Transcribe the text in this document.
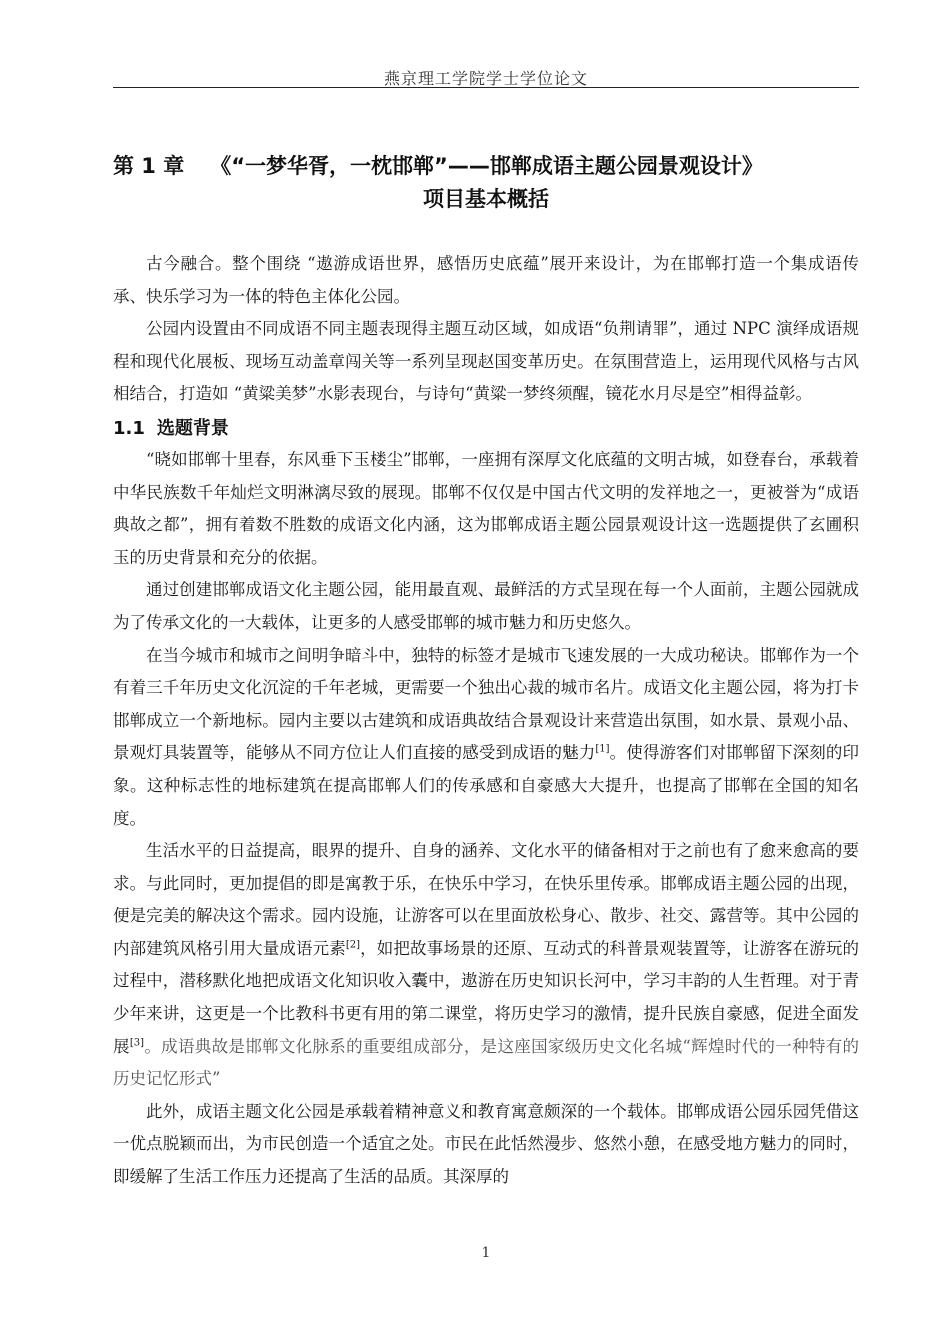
燕京理工学院学士学位论文
第 1 章 《“一梦华胥，一枕邯郸”——邯郸成语主题公园景观设计》
项目基本概括

古今融合。整个围绕 “遨游成语世界，感悟历史底蕴”展开来设计，为在邯郸打造一个集成语传承、快乐学习为一体的特色主体化公园。

公园内设置由不同成语不同主题表现得主题互动区域，如成语“负荆请罪”，通过 NPC 演绎成语规程和现代化展板、现场互动盖章闯关等一系列呈现赵国变革历史。在氛围营造上，运用现代风格与古风相结合，打造如 “黄粱美梦”水影表现台，与诗句“黄粱一梦终须醒，镜花水月尽是空”相得益彰。

1.1 选题背景

“晓如邯郸十里春，东风垂下玉楼尘”邯郸，一座拥有深厚文化底蕴的文明古城，如登春台，承载着中华民族数千年灿烂文明淋漓尽致的展现。邯郸不仅仅是中国古代文明的发祥地之一，更被誉为“成语典故之都”，拥有着数不胜数的成语文化内涵，这为邯郸成语主题公园景观设计这一选题提供了玄圃积玉的历史背景和充分的依据。

通过创建邯郸成语文化主题公园，能用最直观、最鲜活的方式呈现在每一个人面前，主题公园就成为了传承文化的一大载体，让更多的人感受邯郸的城市魅力和历史悠久。

在当今城市和城市之间明争暗斗中，独特的标签才是城市飞速发展的一大成功秘诀。邯郸作为一个有着三千年历史文化沉淀的千年老城，更需要一个独出心裁的城市名片。成语文化主题公园，将为打卡邯郸成立一个新地标。园内主要以古建筑和成语典故结合景观设计来营造出氛围，如水景、景观小品、景观灯具装置等，能够从不同方位让人们直接的感受到成语的魅力[1]。使得游客们对邯郸留下深刻的印象。这种标志性的地标建筑在提高邯郸人们的传承感和自豪感大大提升，也提高了邯郸在全国的知名度。

生活水平的日益提高，眼界的提升、自身的涵养、文化水平的储备相对于之前也有了愈来愈高的要求。与此同时，更加提倡的即是寓教于乐，在快乐中学习，在快乐里传承。邯郸成语主题公园的出现，便是完美的解决这个需求。园内设施，让游客可以在里面放松身心、散步、社交、露营等。其中公园的内部建筑风格引用大量成语元素[2]，如把故事场景的还原、互动式的科普景观装置等，让游客在游玩的过程中，潜移默化地把成语文化知识收入囊中，遨游在历史知识长河中，学习丰韵的人生哲理。对于青少年来讲，这更是一个比教科书更有用的第二课堂，将历史学习的激情，提升民族自豪感，促进全面发展[3]。成语典故是邯郸文化脉系的重要组成部分，是这座国家级历史文化名城“辉煌时代的一种特有的历史记忆形式”

此外，成语主题文化公园是承载着精神意义和教育寓意颇深的一个载体。邯郸成语公园乐园凭借这一优点脱颖而出，为市民创造一个适宜之处。市民在此恬然漫步、悠然小憩，在感受地方魅力的同时，即缓解了生活工作压力还提高了生活的品质。其深厚的

1
